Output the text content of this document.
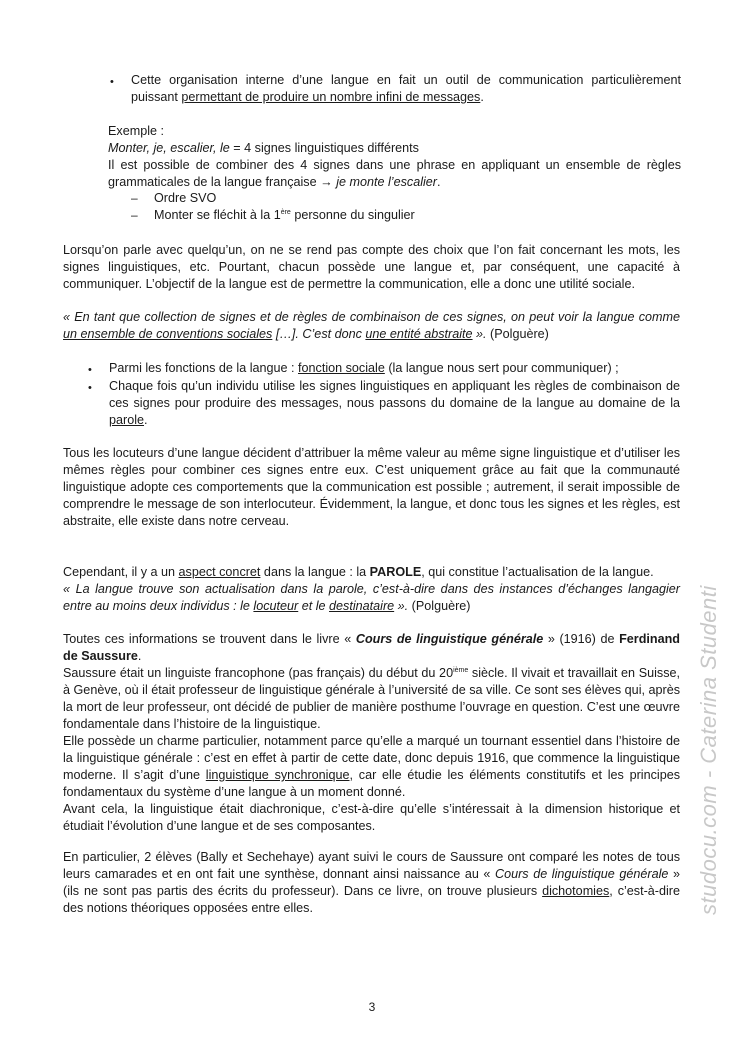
• Cette organisation interne d’une langue en fait un outil de communication particulièrement puissant permettant de produire un nombre infini de messages.

Exemple :

Monter, je, escalier, le = 4 signes linguistiques différents

Il est possible de combiner des 4 signes dans une phrase en appliquant un ensemble de règles grammaticales de la langue française → je monte l’escalier.

– Ordre SVO

– Monter se fléchit à la 1ère personne du singulier

Lorsqu’on parle avec quelqu’un, on ne se rend pas compte des choix que l’on fait concernant les mots, les signes linguistiques, etc. Pourtant, chacun possède une langue et, par conséquent, une capacité à communiquer. L’objectif de la langue est de permettre la communication, elle a donc une utilité sociale.

« En tant que collection de signes et de règles de combinaison de ces signes, on peut voir la langue comme un ensemble de conventions sociales […]. C’est donc une entité abstraite ». (Polguère)

• Parmi les fonctions de la langue : fonction sociale (la langue nous sert pour communiquer) ;

• Chaque fois qu’un individu utilise les signes linguistiques en appliquant les règles de combinaison de ces signes pour produire des messages, nous passons du domaine de la langue au domaine de la parole.

Tous les locuteurs d’une langue décident d’attribuer la même valeur au même signe linguistique et d’utiliser les mêmes règles pour combiner ces signes entre eux. C’est uniquement grâce au fait que la communauté linguistique adopte ces comportements que la communication est possible ; autrement, il serait impossible de comprendre le message de son interlocuteur. Évidemment, la langue, et donc tous les signes et les règles, est abstraite, elle existe dans notre cerveau.

Cependant, il y a un aspect concret dans la langue : la PAROLE, qui constitue l’actualisation de la langue.
« La langue trouve son actualisation dans la parole, c’est-à-dire dans des instances d’échanges langagier entre au moins deux individus : le locuteur et le destinataire ». (Polguère)

Toutes ces informations se trouvent dans le livre « Cours de linguistique générale » (1916) de Ferdinand de Saussure.
Saussure était un linguiste francophone (pas français) du début du 20ième siècle. Il vivait et travaillait en Suisse, à Genève, où il était professeur de linguistique générale à l’université de sa ville. Ce sont ses élèves qui, après la mort de leur professeur, ont décidé de publier de manière posthume l’ouvrage en question. C’est une œuvre fondamentale dans l’histoire de la linguistique.
Elle possède un charme particulier, notamment parce qu’elle a marqué un tournant essentiel dans l’histoire de la linguistique générale : c’est en effet à partir de cette date, donc depuis 1916, que commence la linguistique moderne. Il s’agit d’une linguistique synchronique, car elle étudie les éléments constitutifs et les principes fondamentaux du système d’une langue à un moment donné.
Avant cela, la linguistique était diachronique, c’est-à-dire qu’elle s’intéressait à la dimension historique et étudiait l’évolution d’une langue et de ses composantes.

En particulier, 2 élèves (Bally et Sechehaye) ayant suivi le cours de Saussure ont comparé les notes de tous leurs camarades et en ont fait une synthèse, donnant ainsi naissance au « Cours de linguistique générale » (ils ne sont pas partis des écrits du professeur). Dans ce livre, on trouve plusieurs dichotomies, c’est-à-dire des notions théoriques opposées entre elles.	studocu.com - Caterina Studenti
3
